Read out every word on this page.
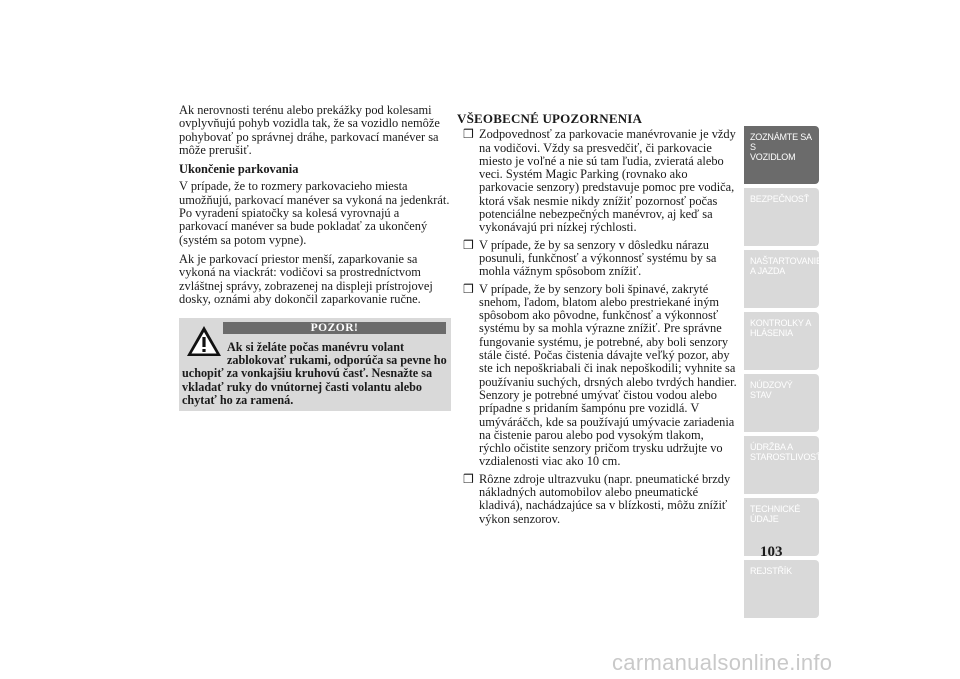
Ak nerovnosti terénu alebo prekážky pod kolesami ovplyvňujú pohyb vozidla tak, že sa vozidlo nemôže pohybovať po správnej dráhe, parkovací manéver sa môže prerušiť.

Ukončenie parkovania

V prípade, že to rozmery parkovacieho miesta umožňujú, parkovací manéver sa vykoná na jedenkrát. Po vyradení spiatočky sa kolesá vyrovnajú a parkovací manéver sa bude pokladať za ukončený (systém sa potom vypne).

Ak je parkovací priestor menší, zaparkovanie sa vykoná na viackrát: vodičovi sa prostredníctvom zvláštnej správy, zobrazenej na displeji prístrojovej dosky, oznámi aby dokončil zaparkovanie ručne.

POZOR!
Ak si želáte počas manévru volant zablokovať rukami, odporúča sa pevne ho
uchopiť za vonkajšiu kruhovú časť. Nesnažte sa vkladať ruky do vnútornej časti volantu alebo chytať ho za ramená.

VŠEOBECNÉ UPOZORNENIA

❒ Zodpovednosť za parkovacie manévrovanie je vždy na vodičovi. Vždy sa presvedčiť, či parkovacie miesto je voľné a nie sú tam ľudia, zvieratá alebo veci. Systém Magic Parking (rovnako ako parkovacie senzory) predstavuje pomoc pre vodiča, ktorá však nesmie nikdy znížiť pozornosť počas potenciálne nebezpečných manévrov, aj keď sa vykonávajú pri nízkej rýchlosti.
❒ V prípade, že by sa senzory v dôsledku nárazu posunuli, funkčnosť a výkonnosť systému by sa mohla vážnym spôsobom znížiť.
❒ V prípade, že by senzory boli špinavé, zakryté snehom, ľadom, blatom alebo prestriekané iným spôsobom ako pôvodne, funkčnosť a výkonnosť systému by sa mohla výrazne znížiť. Pre správne fungovanie systému, je potrebné, aby boli senzory stále čisté. Počas čistenia dávajte veľký pozor, aby ste ich nepoškriabali či inak nepoškodili; vyhnite sa používaniu suchých, drsných alebo tvrdých handier. Senzory je potrebné umývať čistou vodou alebo prípadne s pridaním šampónu pre vozidlá. V umýváráčch, kde sa používajú umývacie zariadenia na čistenie parou alebo pod vysokým tlakom, rýchlo očistite senzory pričom trysku udržujte vo vzdialenosti viac ako 10 cm.
❒ Rôzne zdroje ultrazvuku (napr. pneumatické brzdy nákladných automobilov alebo pneumatické kladivá), nachádzajúce sa v blízkosti, môžu znížiť výkon senzorov.
ZOZNÁMTE SA S
VOZIDLOM
BEZPEČNOSŤ
NAŠTARTOVANIE
A JAZDA
KONTROLKY A
HLÁSENIA
NÚDZOVÝ STAV
ÚDRŽBA A
STAROSTLIVOSŤ
TECHNICKÉ
ÚDAJE
REJSTŘÍK
103
carmanualsonline.info
